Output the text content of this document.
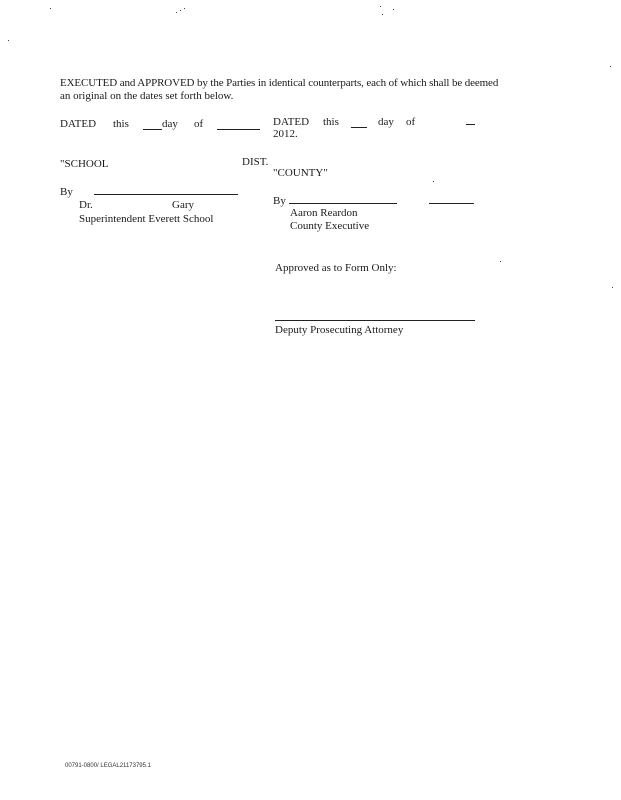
EXECUTED and APPROVED by the Parties in identical counterparts, each of which shall be deemed
an original on the dates set forth below.
DATED this	day of	DATED this	day of
2012.
"SCHOOL	DIST.
By
Dr.	Gary
Superintendent Everett School
"COUNTY"
By
Aaron Reardon
County Executive
Approved as to Form Only:
Deputy Prosecuting Attorney
00791-0800/ LEGAL21173795.1
